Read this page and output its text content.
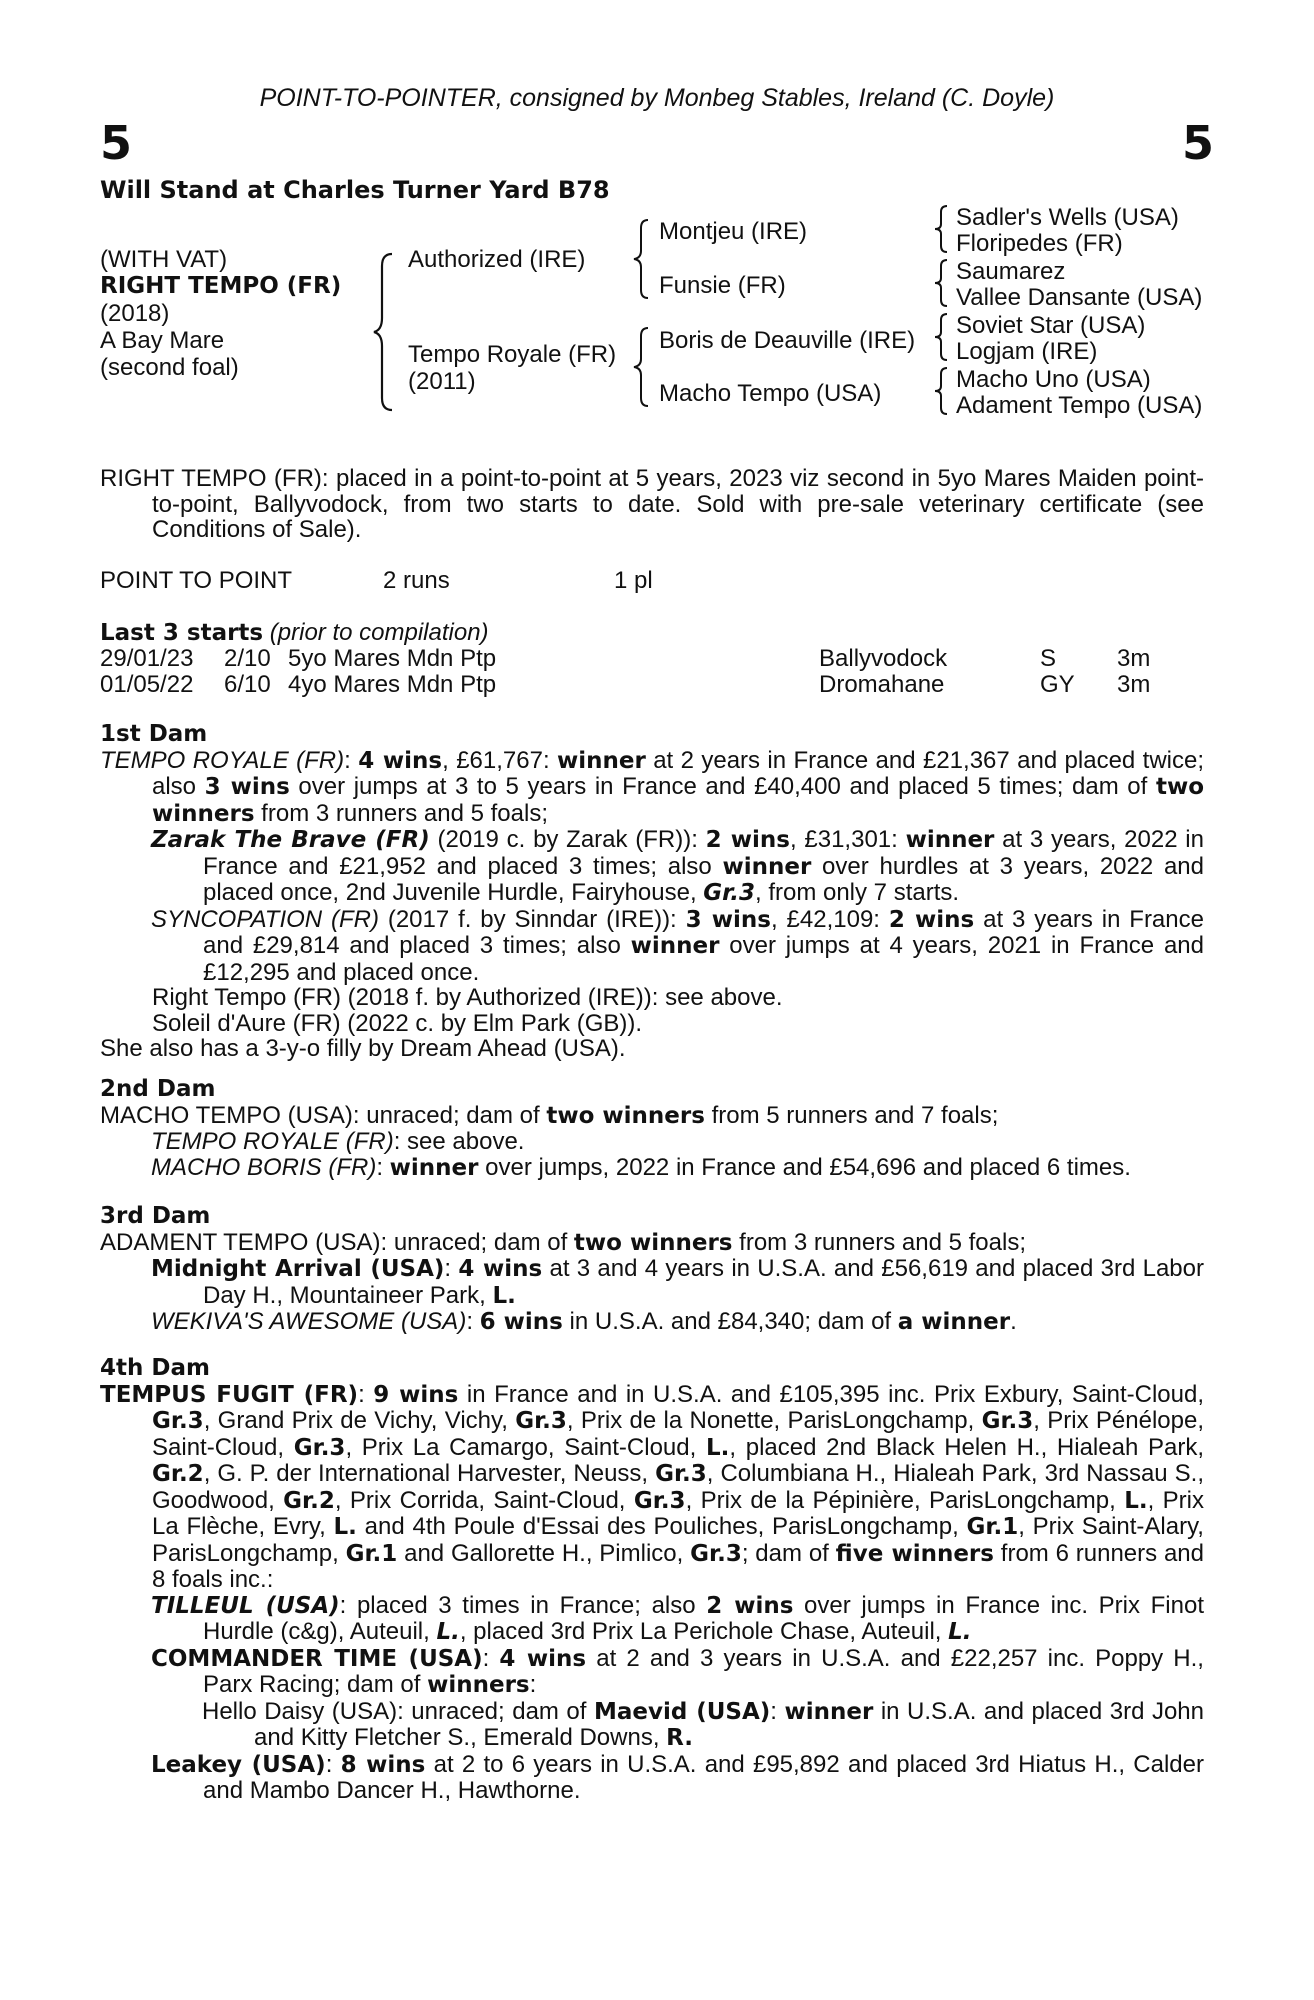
POINT-TO-POINTER, consigned by Monbeg Stables, Ireland (C. Doyle)
5	5
Will Stand at Charles Turner Yard B78
(WITH VAT)
RIGHT TEMPO (FR)
(2018)
A Bay Mare
(second foal)
Authorized (IRE)
Tempo Royale (FR)
(2011)
Montjeu (IRE)
Funsie (FR)
Boris de Deauville (IRE)
Macho Tempo (USA)
Sadler's Wells (USA)
Floripedes (FR)
Saumarez
Vallee Dansante (USA)
Soviet Star (USA)
Logjam (IRE)
Macho Uno (USA)
Adament Tempo (USA)

RIGHT TEMPO (FR): placed in a point-to-point at 5 years, 2023 viz second in 5yo Mares Maiden point-to-point, Ballyvodock, from two starts to date. Sold with pre-sale veterinary certificate (see Conditions of Sale).

POINT TO POINT	2 runs	1 pl
Last 3 starts (prior to compilation)
29/01/23 2/10 5yo Mares Mdn Ptp	Ballyvodock	S	3m
01/05/22 6/10 4yo Mares Mdn Ptp	Dromahane	GY 3m
1st Dam

TEMPO ROYALE (FR): 4 wins, £61,767: winner at 2 years in France and £21,367 and placed twice; also 3 wins over jumps at 3 to 5 years in France and £40,400 and placed 5 times; dam of two winners from 3 runners and 5 foals;

Zarak The Brave (FR) (2019 c. by Zarak (FR)): 2 wins, £31,301: winner at 3 years, 2022 in France and £21,952 and placed 3 times; also winner over hurdles at 3 years, 2022 and placed once, 2nd Juvenile Hurdle, Fairyhouse, Gr.3, from only 7 starts.

SYNCOPATION (FR) (2017 f. by Sinndar (IRE)): 3 wins, £42,109: 2 wins at 3 years in France and £29,814 and placed 3 times; also winner over jumps at 4 years, 2021 in France and £12,295 and placed once.

Right Tempo (FR) (2018 f. by Authorized (IRE)): see above.

Soleil d'Aure (FR) (2022 c. by Elm Park (GB)).

She also has a 3-y-o filly by Dream Ahead (USA).

2nd Dam

MACHO TEMPO (USA): unraced; dam of two winners from 5 runners and 7 foals;

TEMPO ROYALE (FR): see above.

MACHO BORIS (FR): winner over jumps, 2022 in France and £54,696 and placed 6 times.

3rd Dam

ADAMENT TEMPO (USA): unraced; dam of two winners from 3 runners and 5 foals;

Midnight Arrival (USA): 4 wins at 3 and 4 years in U.S.A. and £56,619 and placed 3rd Labor Day H., Mountaineer Park, L.

WEKIVA'S AWESOME (USA): 6 wins in U.S.A. and £84,340; dam of a winner.

4th Dam

TEMPUS FUGIT (FR): 9 wins in France and in U.S.A. and £105,395 inc. Prix Exbury, Saint-Cloud, Gr.3, Grand Prix de Vichy, Vichy, Gr.3, Prix de la Nonette, ParisLongchamp, Gr.3, Prix Pénélope, Saint-Cloud, Gr.3, Prix La Camargo, Saint-Cloud, L., placed 2nd Black Helen H., Hialeah Park, Gr.2, G. P. der International Harvester, Neuss, Gr.3, Columbiana H., Hialeah Park, 3rd Nassau S., Goodwood, Gr.2, Prix Corrida, Saint-Cloud, Gr.3, Prix de la Pépinière, ParisLongchamp, L., Prix La Flèche, Evry, L. and 4th Poule d'Essai des Pouliches, ParisLongchamp, Gr.1, Prix Saint-Alary, ParisLongchamp, Gr.1 and Gallorette H., Pimlico, Gr.3; dam of five winners from 6 runners and 8 foals inc.:

TILLEUL (USA): placed 3 times in France; also 2 wins over jumps in France inc. Prix Finot Hurdle (c&g), Auteuil, L., placed 3rd Prix La Perichole Chase, Auteuil, L.

COMMANDER TIME (USA): 4 wins at 2 and 3 years in U.S.A. and £22,257 inc. Poppy H., Parx Racing; dam of winners:

Hello Daisy (USA): unraced; dam of Maevid (USA): winner in U.S.A. and placed 3rd John and Kitty Fletcher S., Emerald Downs, R.

Leakey (USA): 8 wins at 2 to 6 years in U.S.A. and £95,892 and placed 3rd Hiatus H., Calder and Mambo Dancer H., Hawthorne.
